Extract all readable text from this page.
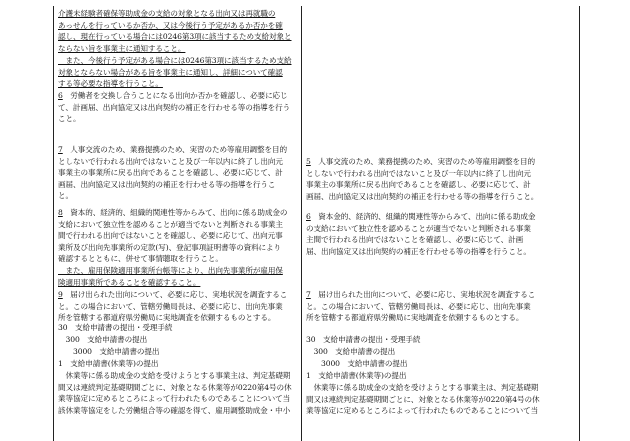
介護未経験者確保等助成金の支給の対象となる出向又は再就職の
あっせんを行っているか否か、又は今後行う予定があるか否かを確
認し、現在行っている場合には0246第3項に該当するため支給対象と
ならない旨を事業主に通知すること。

　また、今後行う予定がある場合には0246第3項に該当するため支給
対象とならない場合がある旨を事業主に通知し、詳細について確認
する等必要な指導を行うこと。

6　労働者を交換し合うことになる出向か否かを確認し、必要に応じ
て、計画届、出向協定又は出向契約の補正を行わせる等の指導を行う
こと。

7　人事交流のため、業務提携のため、実習のため等雇用調整を目的
としないで行われる出向ではないこと及び一年以内に終了し出向元
事業主の事業所に戻る出向であることを確認し、必要に応じて、計
画届、出向協定又は出向契約の補正を行わせる等の指導を行うこ
と。

8　資本的、経済的、組織的関連性等からみて、出向に係る助成金の
支給において独立性を認めることが適当でないと判断される事業主
間で行われる出向ではないことを確認し、必要に応じて、出向元事
業所及び出向先事業所の定款(写)、登記事項証明書等の資料により
確認するとともに、併せて事情聴取を行うこと。

　また、雇用保険適用事業所台帳等により、出向先事業所が雇用保
険適用事業所であることを確認すること。

9　届け出られた出向について、必要に応じ、実地状況を調査するこ
と。この場合において、管轄労働局長は、必要に応じ、出向先事業
所を管轄する都道府県労働局に実地調査を依頼するものとする。

30　支給申請書の提出・受理手続

　300　支給申請書の提出

　　3000　支給申請書の提出

1　支給申請書(休業等)の提出

　休業等に係る助成金の支給を受けようとする事業主は、判定基礎期
間又は連続判定基礎期間ごとに、対象となる休業等が0220第4号の休
業等協定に定めるところによって行われたものであることについて当
該休業等協定をした労働組合等の確認を得て、雇用調整助成金・中小

5　人事交流のため、業務提携のため、実習のため等雇用調整を目的
としないで行われる出向ではないこと及び一年以内に終了し出向元
事業主の事業所に戻る出向であることを確認し、必要に応じて、計
画届、出向協定又は出向契約の補正を行わせる等の指導を行うこと。

6　資本金的、経済的、組織的関連性等からみて、出向に係る助成金
の支給において独立性を認めることが適当でないと判断される事業
主間で行われる出向ではないことを確認し、必要に応じて、計画
届、出向協定又は出向契約の補正を行わせる等の指導を行うこと。

7　届け出られた出向について、必要に応じ、実地状況を調査するこ
と。この場合において、管轄労働局長は、必要に応じ、出向先事業
所を管轄する都道府県労働局に実地調査を依頼するものとする。

30　支給申請書の提出・受理手続

　300　支給申請書の提出

　　3000　支給申請書の提出

1　支給申請書(休業等)の提出

　休業等に係る助成金の支給を受けようとする事業主は、判定基礎期
間又は連続判定基礎期間ごとに、対象となる休業等が0220第4号の休
業等協定に定めるところによって行われたものであることについて当
